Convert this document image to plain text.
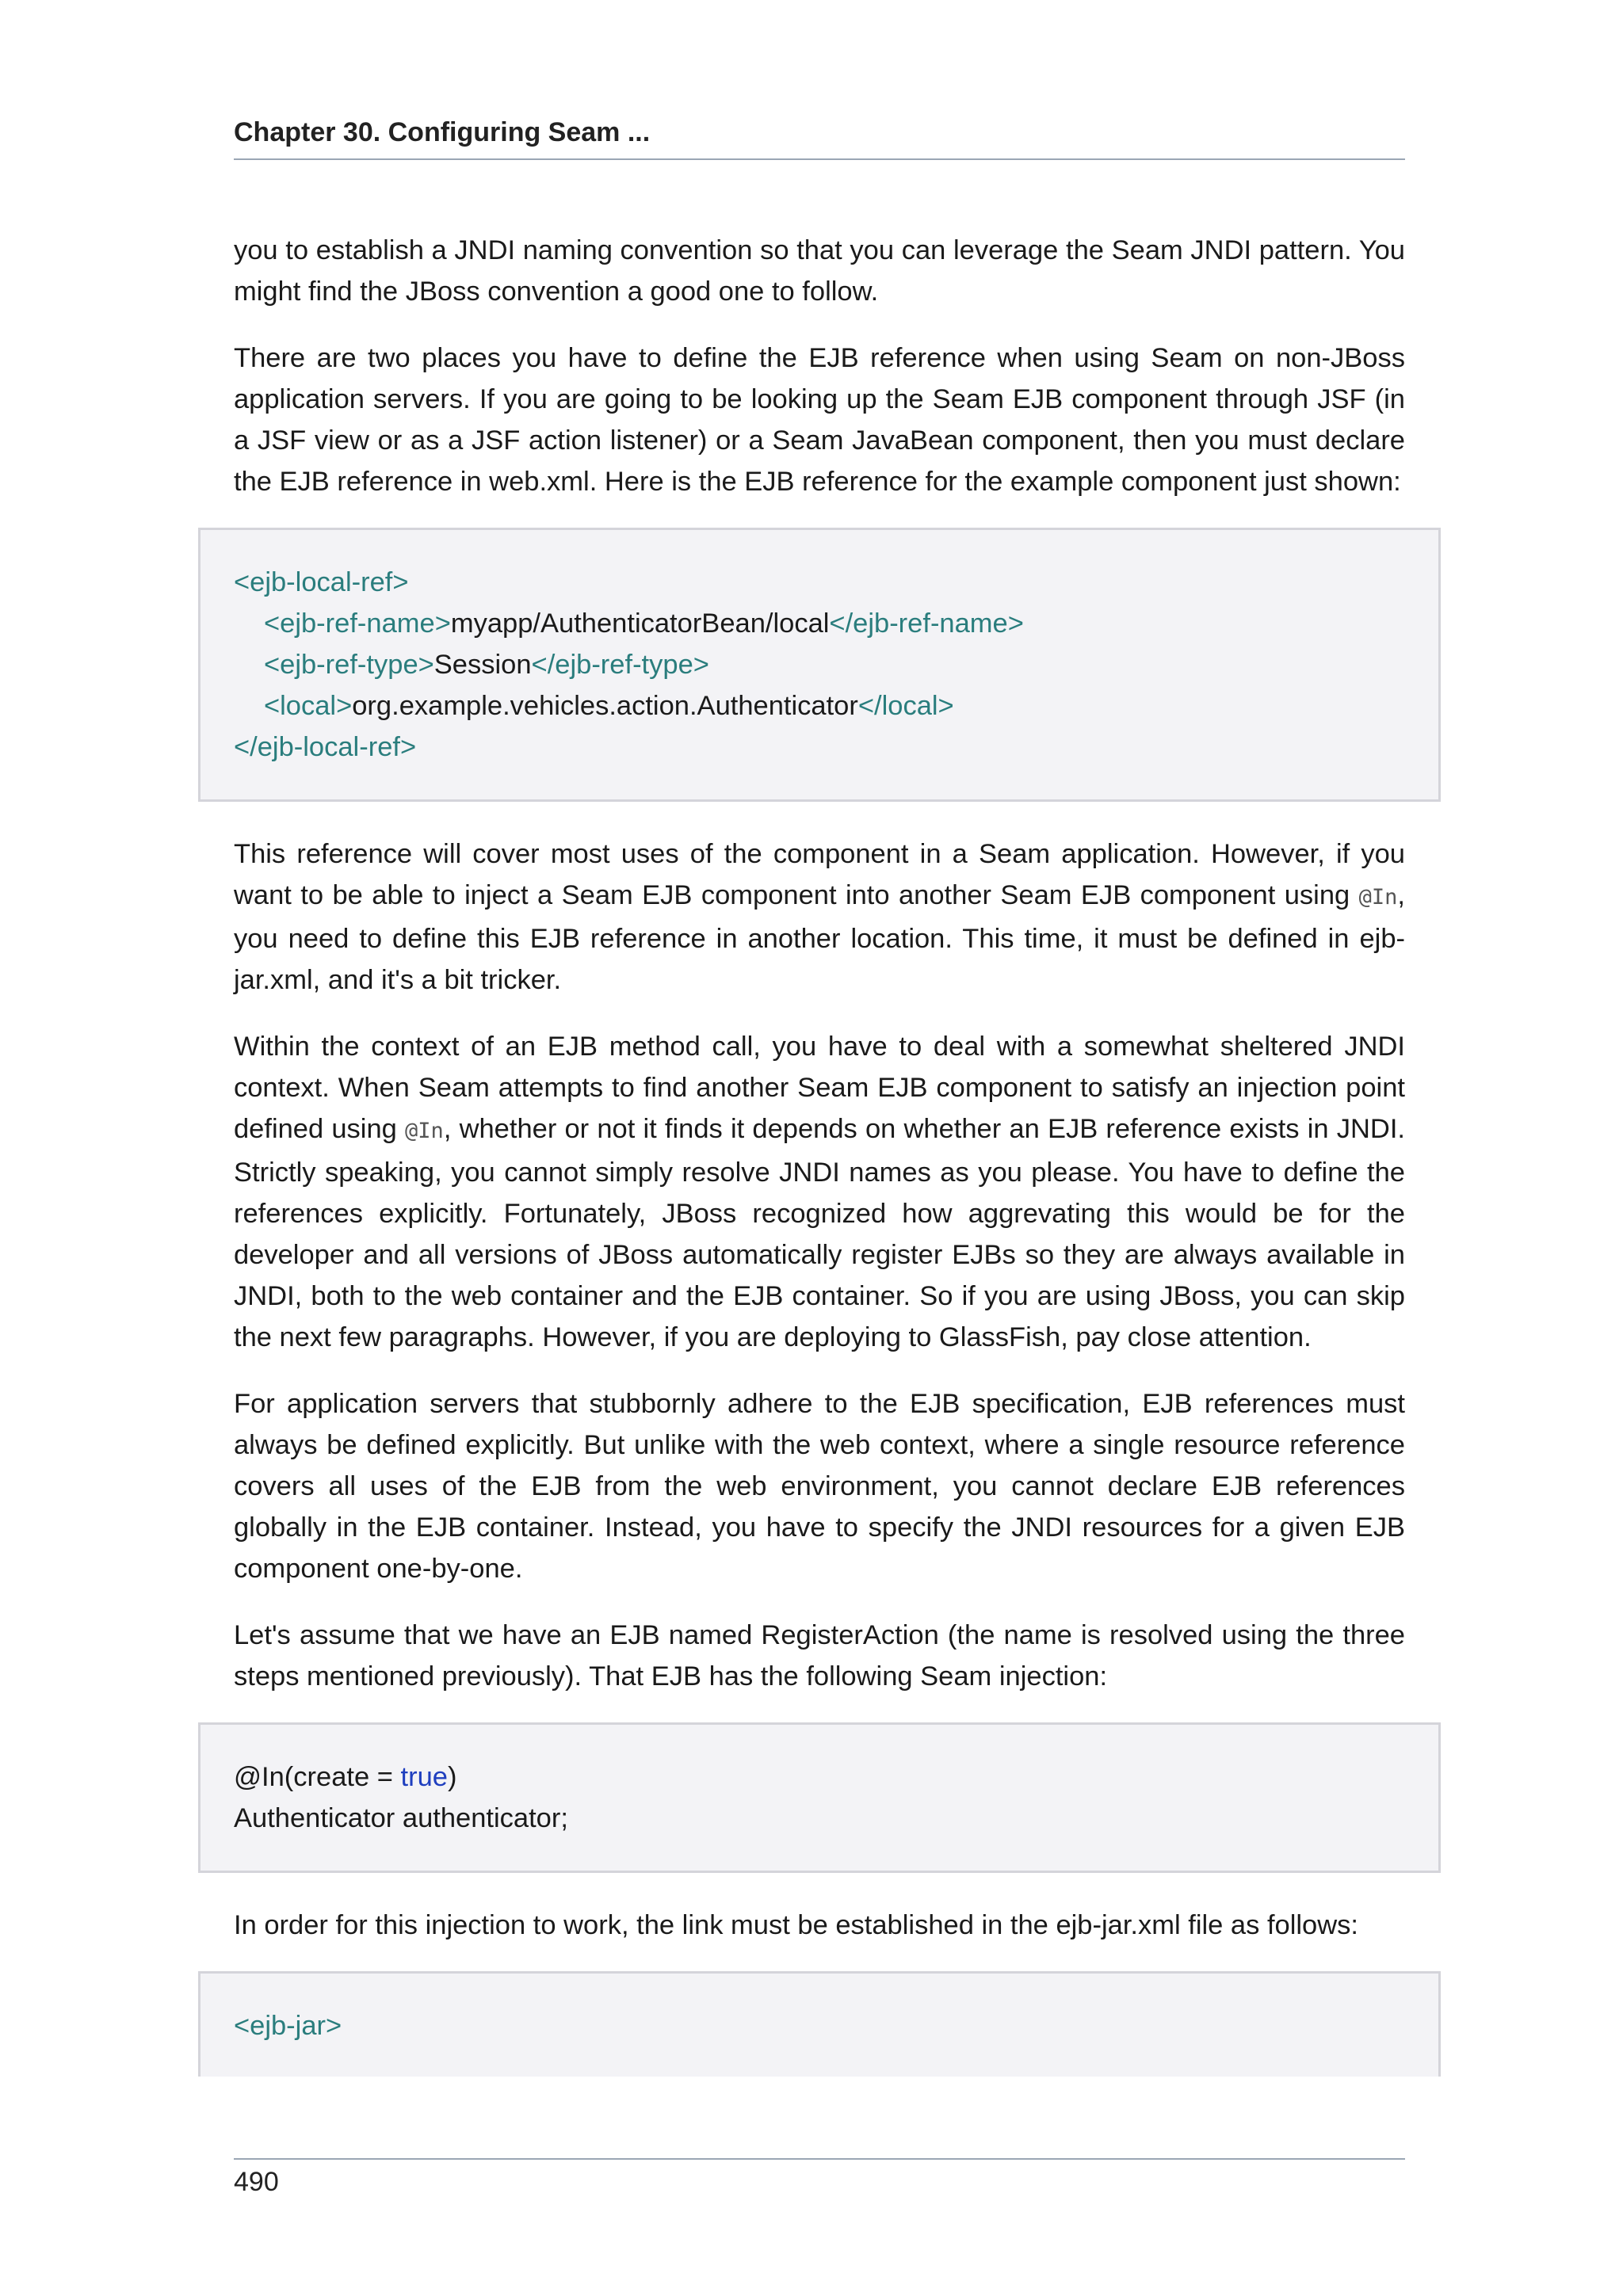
Chapter 30. Configuring Seam ...

you to establish a JNDI naming convention so that you can leverage the Seam JNDI pattern. You might find the JBoss convention a good one to follow.

There are two places you have to define the EJB reference when using Seam on non-JBoss application servers. If you are going to be looking up the Seam EJB component through JSF (in a JSF view or as a JSF action listener) or a Seam JavaBean component, then you must declare the EJB reference in web.xml. Here is the EJB reference for the example component just shown:

<ejb-local-ref>
<ejb-ref-name>myapp/AuthenticatorBean/local</ejb-ref-name>
<ejb-ref-type>Session</ejb-ref-type>
<local>org.example.vehicles.action.Authenticator</local>
</ejb-local-ref>

This reference will cover most uses of the component in a Seam application. However, if you want to be able to inject a Seam EJB component into another Seam EJB component using @In, you need to define this EJB reference in another location. This time, it must be defined in ejb-jar.xml, and it's a bit tricker.

Within the context of an EJB method call, you have to deal with a somewhat sheltered JNDI context. When Seam attempts to find another Seam EJB component to satisfy an injection point defined using @In, whether or not it finds it depends on whether an EJB reference exists in JNDI. Strictly speaking, you cannot simply resolve JNDI names as you please. You have to define the references explicitly. Fortunately, JBoss recognized how aggrevating this would be for the developer and all versions of JBoss automatically register EJBs so they are always available in JNDI, both to the web container and the EJB container. So if you are using JBoss, you can skip the next few paragraphs. However, if you are deploying to GlassFish, pay close attention.

For application servers that stubbornly adhere to the EJB specification, EJB references must always be defined explicitly. But unlike with the web context, where a single resource reference covers all uses of the EJB from the web environment, you cannot declare EJB references globally in the EJB container. Instead, you have to specify the JNDI resources for a given EJB component one-by-one.

Let's assume that we have an EJB named RegisterAction (the name is resolved using the three steps mentioned previously). That EJB has the following Seam injection:

@In(create = true)
Authenticator authenticator;

In order for this injection to work, the link must be established in the ejb-jar.xml file as follows:

<ejb-jar>
490
